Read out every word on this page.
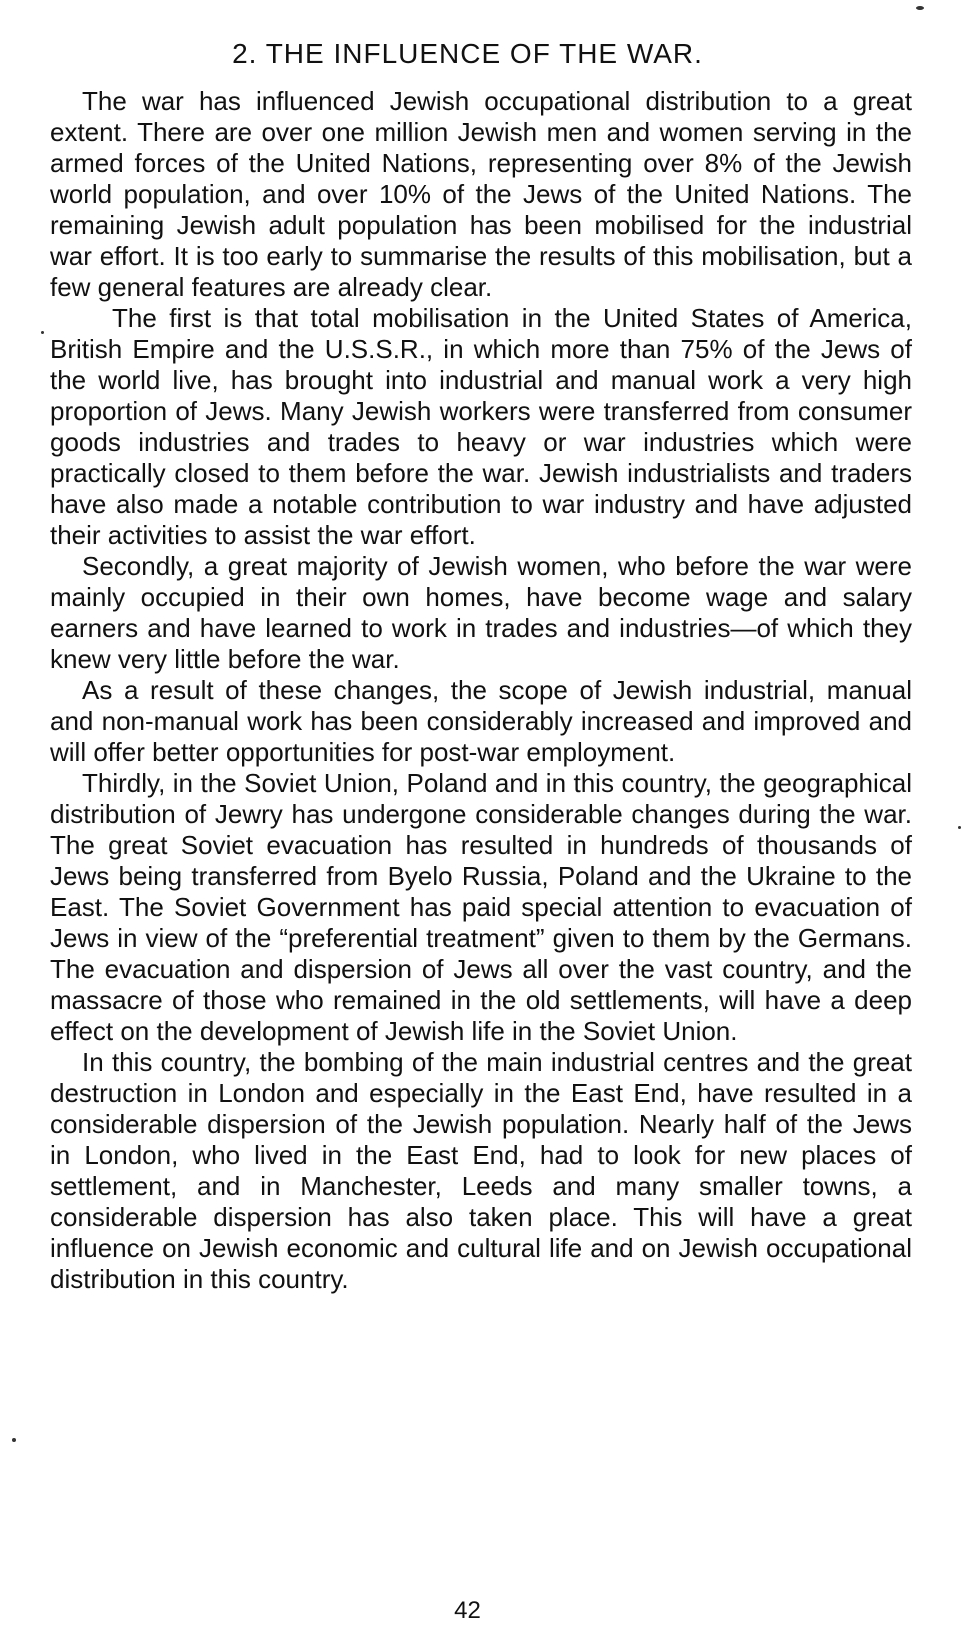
2. THE INFLUENCE OF THE WAR.

The war has influenced Jewish occupational distribution to a great extent. There are over one million Jewish men and women serving in the armed forces of the United Nations, representing over 8% of the Jewish world population, and over 10% of the Jews of the United Nations. The remaining Jewish adult population has been mobilised for the industrial war effort. It is too early to summarise the results of this mobilisation, but a few general features are already clear.

The first is that total mobilisation in the United States of America, British Empire and the U.S.S.R., in which more than 75% of the Jews of the world live, has brought into industrial and manual work a very high proportion of Jews. Many Jewish workers were transferred from consumer goods industries and trades to heavy or war industries which were practically closed to them before the war. Jewish industrialists and traders have also made a notable contribution to war industry and have adjusted their activities to assist the war effort.

Secondly, a great majority of Jewish women, who before the war were mainly occupied in their own homes, have become wage and salary earners and have learned to work in trades and industries—of which they knew very little before the war.

As a result of these changes, the scope of Jewish industrial, manual and non-manual work has been considerably increased and improved and will offer better opportunities for post-war employment.

Thirdly, in the Soviet Union, Poland and in this country, the geographical distribution of Jewry has undergone considerable changes during the war. The great Soviet evacuation has resulted in hundreds of thousands of Jews being transferred from Byelo Russia, Poland and the Ukraine to the East. The Soviet Government has paid special attention to evacuation of Jews in view of the “preferential treatment” given to them by the Germans. The evacuation and dispersion of Jews all over the vast country, and the massacre of those who remained in the old settlements, will have a deep effect on the development of Jewish life in the Soviet Union.

In this country, the bombing of the main industrial centres and the great destruction in London and especially in the East End, have resulted in a considerable dispersion of the Jewish population. Nearly half of the Jews in London, who lived in the East End, had to look for new places of settlement, and in Manchester, Leeds and many smaller towns, a considerable dispersion has also taken place. This will have a great influence on Jewish economic and cultural life and on Jewish occupational distribution in this country.

42
